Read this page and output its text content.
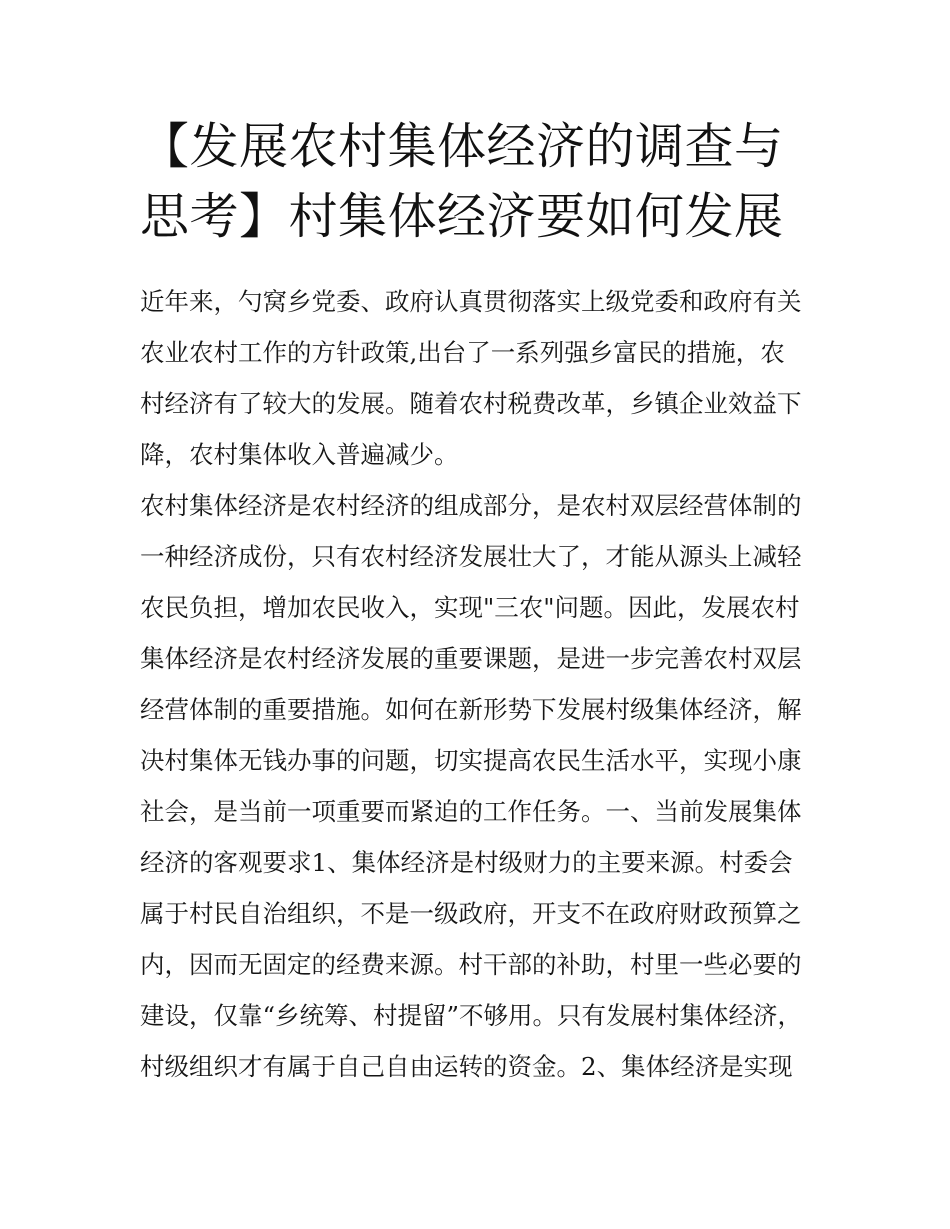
【发展农村集体经济的调查与
思考】村集体经济要如何发展
近年来，勺窝乡党委、政府认真贯彻落实上级党委和政府有关
农业农村工作的方针政策,出台了一系列强乡富民的措施，农
村经济有了较大的发展。随着农村税费改革，乡镇企业效益下
降，农村集体收入普遍减少。
农村集体经济是农村经济的组成部分，是农村双层经营体制的
一种经济成份，只有农村经济发展壮大了，才能从源头上减轻
农民负担，增加农民收入，实现"三农"问题。因此，发展农村
集体经济是农村经济发展的重要课题，是进一步完善农村双层
经营体制的重要措施。如何在新形势下发展村级集体经济，解
决村集体无钱办事的问题，切实提高农民生活水平，实现小康
社会，是当前一项重要而紧迫的工作任务。一、当前发展集体
经济的客观要求1、集体经济是村级财力的主要来源。村委会
属于村民自治组织，不是一级政府，开支不在政府财政预算之
内，因而无固定的经费来源。村干部的补助，村里一些必要的
建设，仅靠“乡统筹、村提留”不够用。只有发展村集体经济，
村级组织才有属于自己自由运转的资金。2、集体经济是实现
